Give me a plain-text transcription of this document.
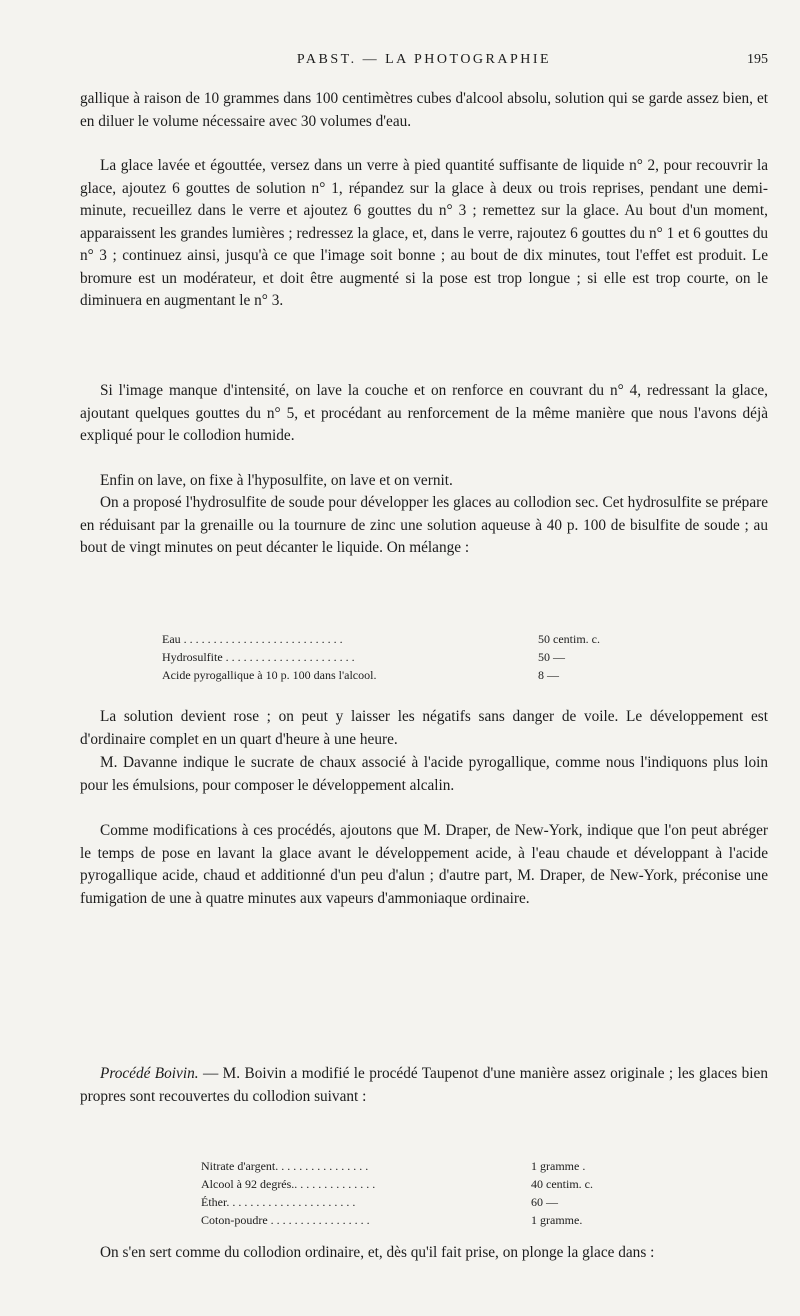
PABST. — LA PHOTOGRAPHIE	195

gallique à raison de 10 grammes dans 100 centimètres cubes d'alcool absolu, solution qui se garde assez bien, et en diluer le volume nécessaire avec 30 volumes d'eau.

La glace lavée et égouttée, versez dans un verre à pied quantité suffisante de liquide n° 2, pour recouvrir la glace, ajoutez 6 gouttes de solution n° 1, répandez sur la glace à deux ou trois reprises, pendant une demi-minute, recueillez dans le verre et ajoutez 6 gouttes du n° 3 ; remettez sur la glace. Au bout d'un moment, apparaissent les grandes lumières ; redressez la glace, et, dans le verre, rajoutez 6 gouttes du n° 1 et 6 gouttes du n° 3 ; continuez ainsi, jusqu'à ce que l'image soit bonne ; au bout de dix minutes, tout l'effet est produit. Le bromure est un modérateur, et doit être augmenté si la pose est trop longue ; si elle est trop courte, on le diminuera en augmentant le n° 3.

Si l'image manque d'intensité, on lave la couche et on renforce en couvrant du n° 4, redressant la glace, ajoutant quelques gouttes du n° 5, et procédant au renforcement de la même manière que nous l'avons déjà expliqué pour le collodion humide.

Enfin on lave, on fixe à l'hyposulfite, on lave et on vernit.

On a proposé l'hydrosulfite de soude pour développer les glaces au collodion sec. Cet hydrosulfite se prépare en réduisant par la grenaille ou la tournure de zinc une solution aqueuse à 40 p. 100 de bisulfite de soude ; au bout de vingt minutes on peut décanter le liquide. On mélange :

Eau . . . . . . . . . . . . . . . . . . . . . . . . . . .	50 centim. c.
Hydrosulfite . . . . . . . . . . . . . . . . . . . . . .	50 —
Acide pyrogallique à 10 p. 100 dans l'alcool.	8 —

La solution devient rose ; on peut y laisser les négatifs sans danger de voile. Le développement est d'ordinaire complet en un quart d'heure à une heure.

M. Davanne indique le sucrate de chaux associé à l'acide pyrogallique, comme nous l'indiquons plus loin pour les émulsions, pour composer le développement alcalin.

Comme modifications à ces procédés, ajoutons que M. Draper, de New-York, indique que l'on peut abréger le temps de pose en lavant la glace avant le développement acide, à l'eau chaude et développant à l'acide pyrogallique acide, chaud et additionné d'un peu d'alun ; d'autre part, M. Draper, de New-York, préconise une fumigation de une à quatre minutes aux vapeurs d'ammoniaque ordinaire.

Procédé Boivin. — M. Boivin a modifié le procédé Taupenot d'une manière assez originale ; les glaces bien propres sont recouvertes du collodion suivant :

Nitrate d'argent. . . . . . . . . . . . . . . .	1 gramme .
Alcool à 92 degrés.. . . . . . . . . . . . . .	40 centim. c.
Éther. . . . . . . . . . . . . . . . . . . . . .	60 —
Coton-poudre . . . . . . . . . . . . . . . . .	1 gramme.

On s'en sert comme du collodion ordinaire, et, dès qu'il fait prise, on plonge la glace dans :
